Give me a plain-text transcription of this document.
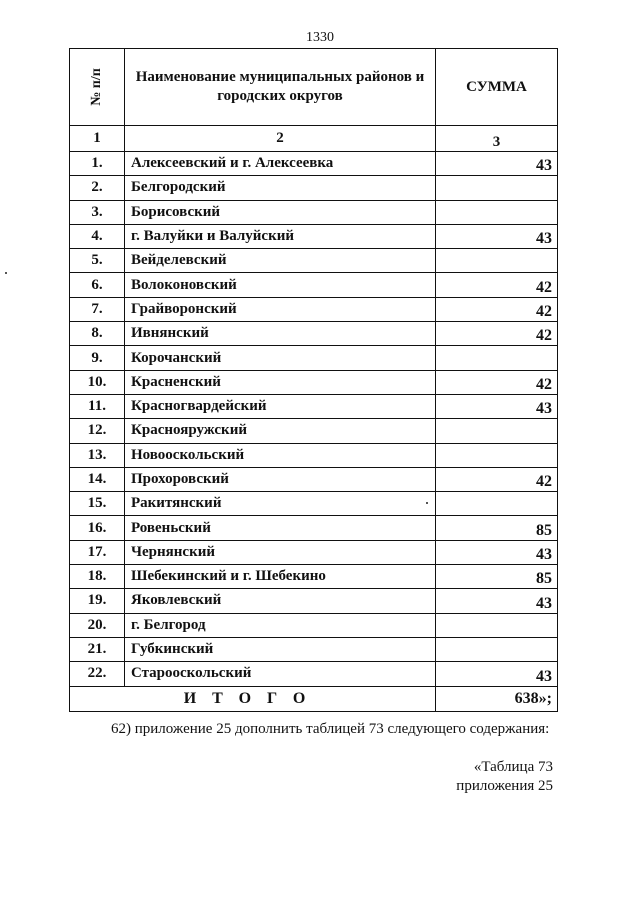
1330
№ п/п	Наименование муниципальных районов и городских округов	СУММА
1	2	3
1.	Алексеевский и г. Алексеевка	43
2.	Белгородский	
3.	Борисовский	
4.	г. Валуйки и Валуйский	43
5.	Вейделевский	
6.	Волоконовский	42
7.	Грайворонский	42
8.	Ивнянский	42
9.	Корочанский	
10.	Красненский	42
11.	Красногвардейский	43
12.	Краснояружский	
13.	Новооскольский	
14.	Прохоровский	42
15.	Ракитянский	
16.	Ровеньский	85
17.	Чернянский	43
18.	Шебекинский и г. Шебекино	85
19.	Яковлевский	43
20.	г. Белгород	
21.	Губкинский	
22.	Старооскольский	43
ИТОГО		638»;
62) приложение 25 дополнить таблицей 73 следующего содержания:
«Таблица 73
приложения 25
